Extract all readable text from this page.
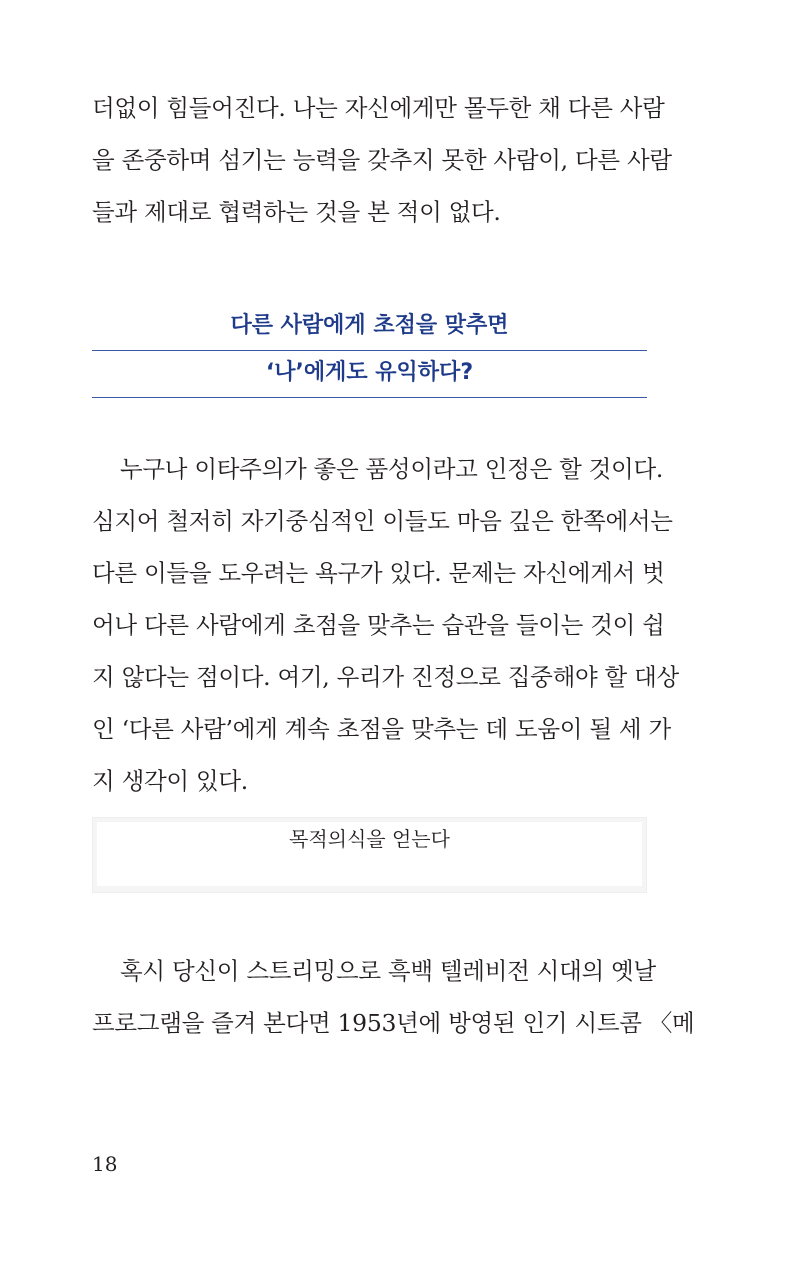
더없이 힘들어진다. 나는 자신에게만 몰두한 채 다른 사람
을 존중하며 섬기는 능력을 갖추지 못한 사람이, 다른 사람
들과 제대로 협력하는 것을 본 적이 없다.
다른 사람에게 초점을 맞추면
‘나’에게도 유익하다?
누구나 이타주의가 좋은 품성이라고 인정은 할 것이다.
심지어 철저히 자기중심적인 이들도 마음 깊은 한쪽에서는
다른 이들을 도우려는 욕구가 있다. 문제는 자신에게서 벗
어나 다른 사람에게 초점을 맞추는 습관을 들이는 것이 쉽
지 않다는 점이다. 여기, 우리가 진정으로 집중해야 할 대상
인 ‘다른 사람’에게 계속 초점을 맞추는 데 도움이 될 세 가
지 생각이 있다.
목적의식을 얻는다
혹시 당신이 스트리밍으로 흑백 텔레비전 시대의 옛날
프로그램을 즐겨 본다면 1953년에 방영된 인기 시트콤 〈메
18
